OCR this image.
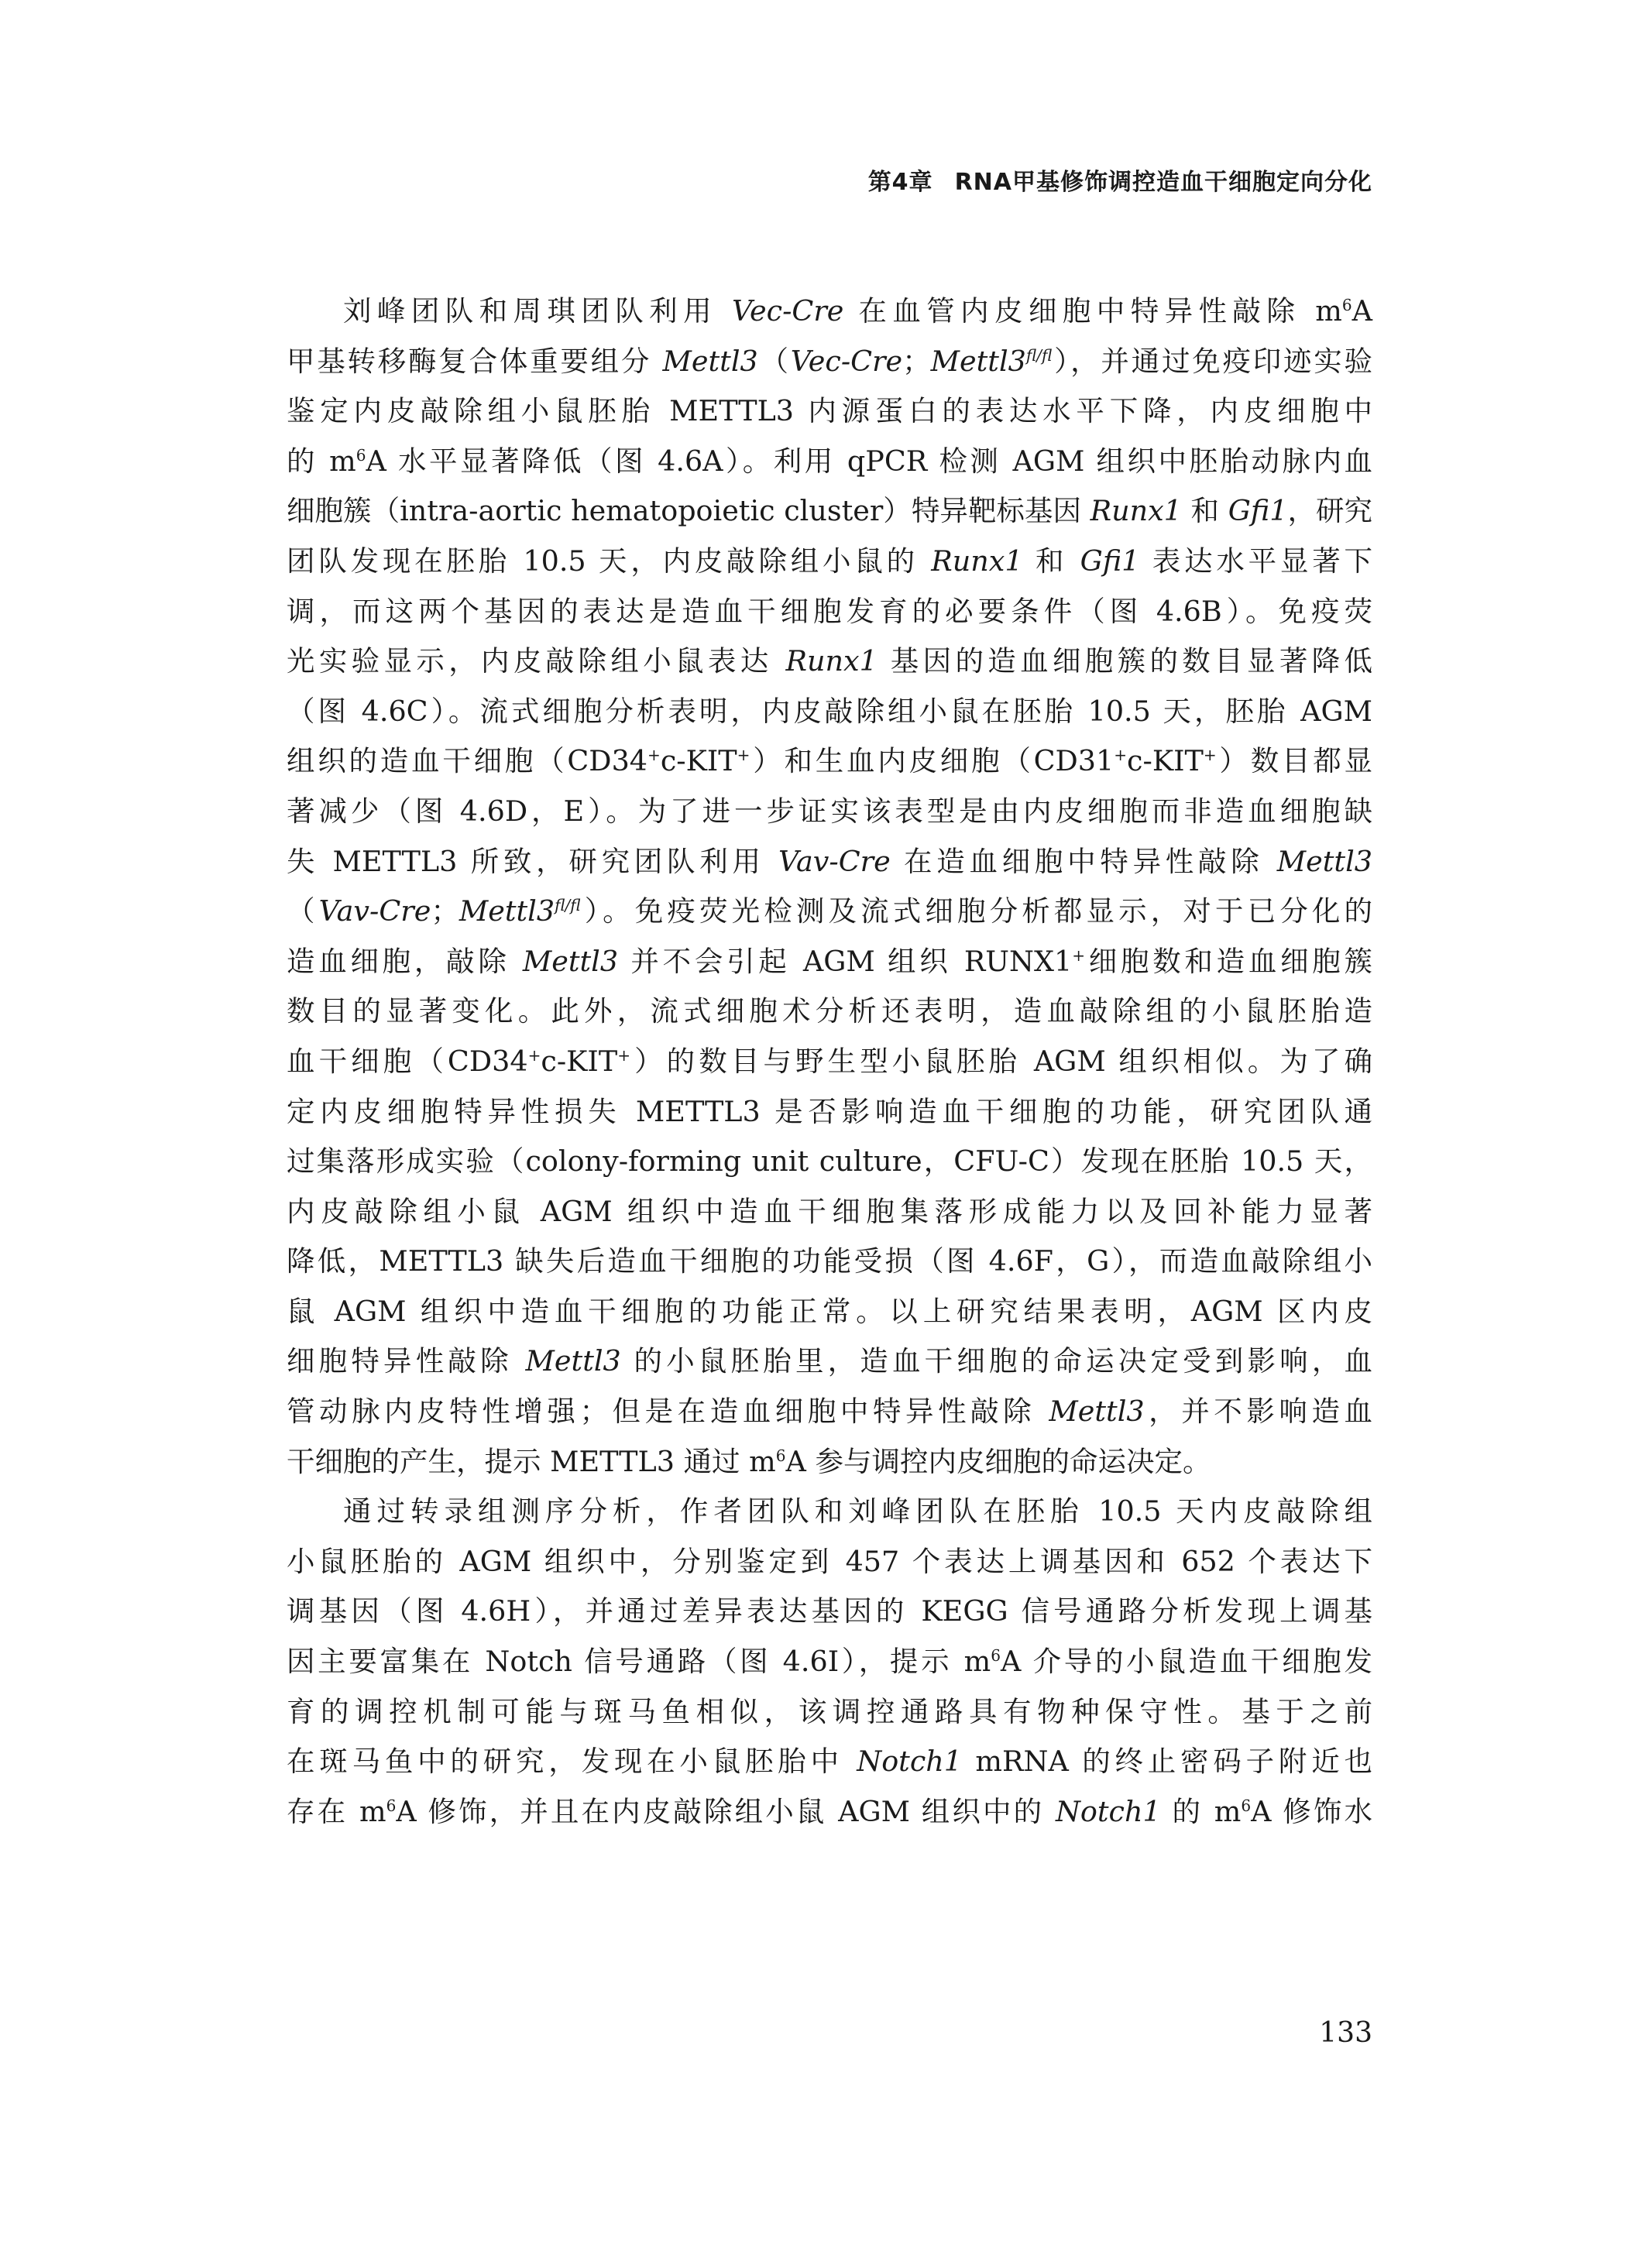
第4章 RNA甲基修饰调控造血干细胞定向分化
刘峰团队和周琪团队利用 Vec-Cre 在血管内皮细胞中特异性敲除 $m^6A$
甲基转移酶复合体重要组分 Mettl3（Vec-Cre；$Mettl3^{fl/fl}$），并通过免疫印迹实验
鉴定内皮敲除组小鼠胚胎 METTL3 内源蛋白的表达水平下降，内皮细胞中
的 $m^6A$ 水平显著降低（图 4.6A）。利用 qPCR 检测 AGM 组织中胚胎动脉内血
细胞簇（intra-aortic hematopoietic cluster）特异靶标基因 Runx1 和 Gfi1，研究
团队发现在胚胎 10.5 天，内皮敲除组小鼠的 Runx1 和 Gfi1 表达水平显著下
调，而这两个基因的表达是造血干细胞发育的必要条件（图 4.6B）。免疫荧
光实验显示，内皮敲除组小鼠表达 Runx1 基因的造血细胞簇的数目显著降低
（图 4.6C）。流式细胞分析表明，内皮敲除组小鼠在胚胎 10.5 天，胚胎 AGM
组织的造血干细胞（CD34+c-KIT+）和生血内皮细胞（CD31+c-KIT+）数目都显
著减少（图 4.6D，E）。为了进一步证实该表型是由内皮细胞而非造血细胞缺
失 METTL3 所致，研究团队利用 Vav-Cre 在造血细胞中特异性敲除 Mettl3
（Vav-Cre；$Mettl3^{fl/fl}$）。免疫荧光检测及流式细胞分析都显示，对于已分化的
造血细胞，敲除 Mettl3 并不会引起 AGM 组织 RUNX1+细胞数和造血细胞簇
数目的显著变化。此外，流式细胞术分析还表明，造血敲除组的小鼠胚胎造
血干细胞（CD34+c-KIT+）的数目与野生型小鼠胚胎 AGM 组织相似。为了确
定内皮细胞特异性损失 METTL3 是否影响造血干细胞的功能，研究团队通
过集落形成实验（colony-forming unit culture，CFU-C）发现在胚胎 10.5 天，
内皮敲除组小鼠 AGM 组织中造血干细胞集落形成能力以及回补能力显著
降低，METTL3 缺失后造血干细胞的功能受损（图 4.6F，G），而造血敲除组小
鼠 AGM 组织中造血干细胞的功能正常。以上研究结果表明，AGM 区内皮
细胞特异性敲除 Mettl3 的小鼠胚胎里，造血干细胞的命运决定受到影响，血
管动脉内皮特性增强；但是在造血细胞中特异性敲除 Mettl3，并不影响造血
干细胞的产生，提示 METTL3 通过 $m^6A$ 参与调控内皮细胞的命运决定。
通过转录组测序分析，作者团队和刘峰团队在胚胎 10.5 天内皮敲除组
小鼠胚胎的 AGM 组织中，分别鉴定到 457 个表达上调基因和 652 个表达下
调基因（图 4.6H），并通过差异表达基因的 KEGG 信号通路分析发现上调基
因主要富集在 Notch 信号通路（图 4.6I），提示 $m^6A$ 介导的小鼠造血干细胞发
育的调控机制可能与斑马鱼相似，该调控通路具有物种保守性。基于之前
在斑马鱼中的研究，发现在小鼠胚胎中 Notch1 mRNA 的终止密码子附近也
存在 $m^6A$ 修饰，并且在内皮敲除组小鼠 AGM 组织中的 Notch1 的 $m^6A$ 修饰水
133
